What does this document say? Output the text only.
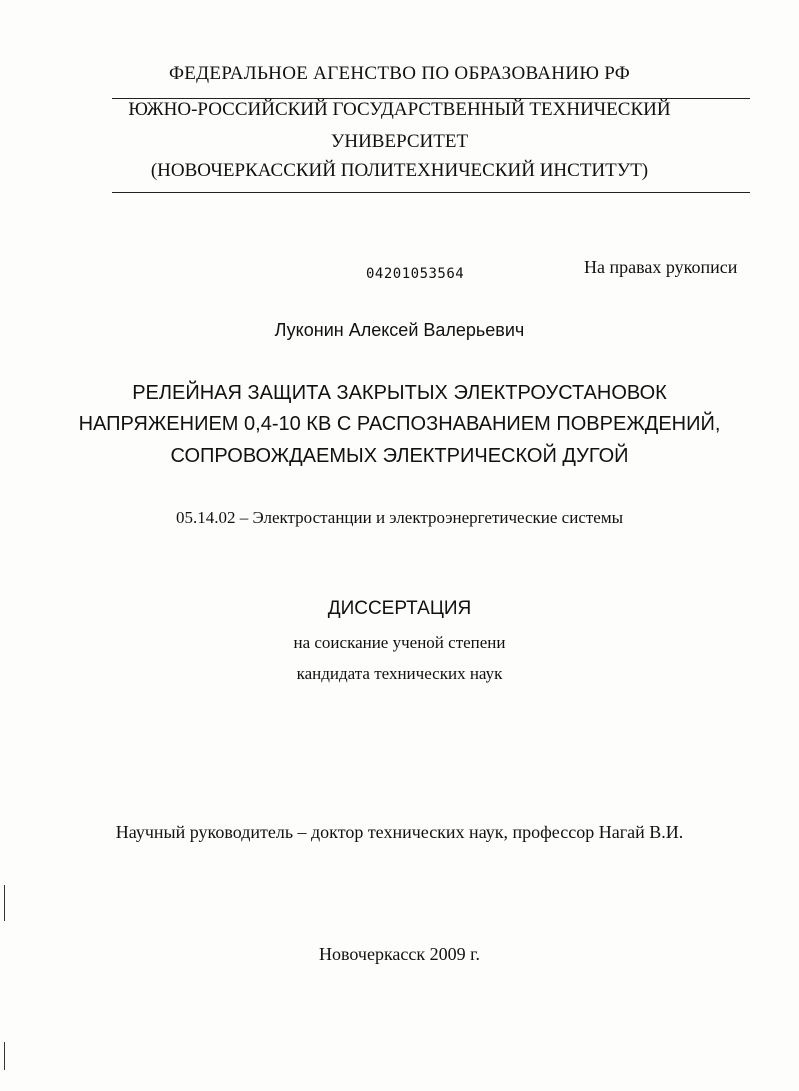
ФЕДЕРАЛЬНОЕ АГЕНСТВО ПО ОБРАЗОВАНИЮ РФ
ЮЖНО-РОССИЙСКИЙ ГОСУДАРСТВЕННЫЙ ТЕХНИЧЕСКИЙ
УНИВЕРСИТЕТ
(НОВОЧЕРКАССКИЙ ПОЛИТЕХНИЧЕСКИЙ ИНСТИТУТ)
04201053564	На правах рукописи
Луконин Алексей Валерьевич
РЕЛЕЙНАЯ ЗАЩИТА ЗАКРЫТЫХ ЭЛЕКТРОУСТАНОВОК
НАПРЯЖЕНИЕМ 0,4-10 КВ С РАСПОЗНАВАНИЕМ ПОВРЕЖДЕНИЙ,
СОПРОВОЖДАЕМЫХ ЭЛЕКТРИЧЕСКОЙ ДУГОЙ
05.14.02 – Электростанции и электроэнергетические системы
ДИССЕРТАЦИЯ
на соискание ученой степени
кандидата технических наук
Научный руководитель – доктор технических наук, профессор Нагай В.И.
Новочеркасск 2009 г.
